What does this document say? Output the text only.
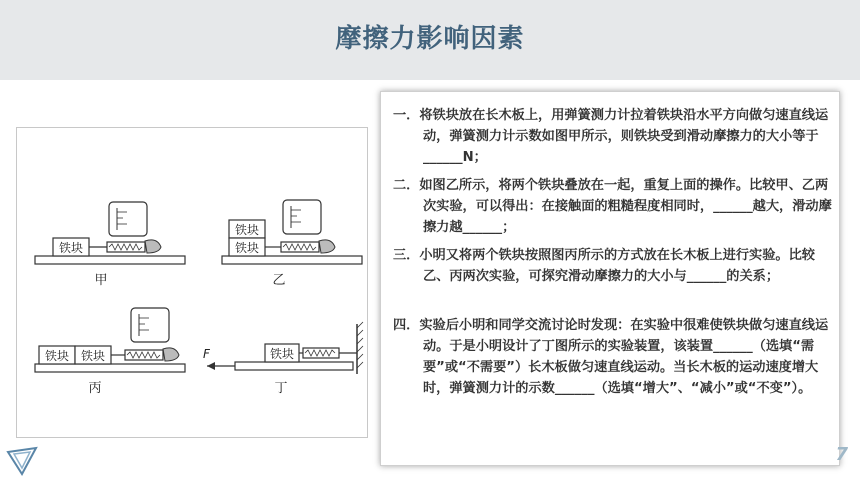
摩擦力影响因素
铁块
甲
铁块
铁块
乙
铁块 铁块
丙
铁块
F
丁
一．将铁块放在长木板上，用弹簧测力计拉着铁块沿水平方向做匀速直线运动，弹簧测力计示数如图甲所示，则铁块受到滑动摩擦力的大小等于______N；
二．如图乙所示，将两个铁块叠放在一起，重复上面的操作。比较甲、乙两次实验，可以得出：在接触面的粗糙程度相同时，______越大，滑动摩擦力越______；
三．小明又将两个铁块按照图丙所示的方式放在长木板上进行实验。比较乙、丙两次实验，可探究滑动摩擦力的大小与______的关系；
四．实验后小明和同学交流讨论时发现：在实验中很难使铁块做匀速直线运动。于是小明设计了丁图所示的实验装置，该装置______（选填“需要”或“不需要”）长木板做匀速直线运动。当长木板的运动速度增大时，弹簧测力计的示数______（选填“增大”、“减小”或“不变”）。
7
